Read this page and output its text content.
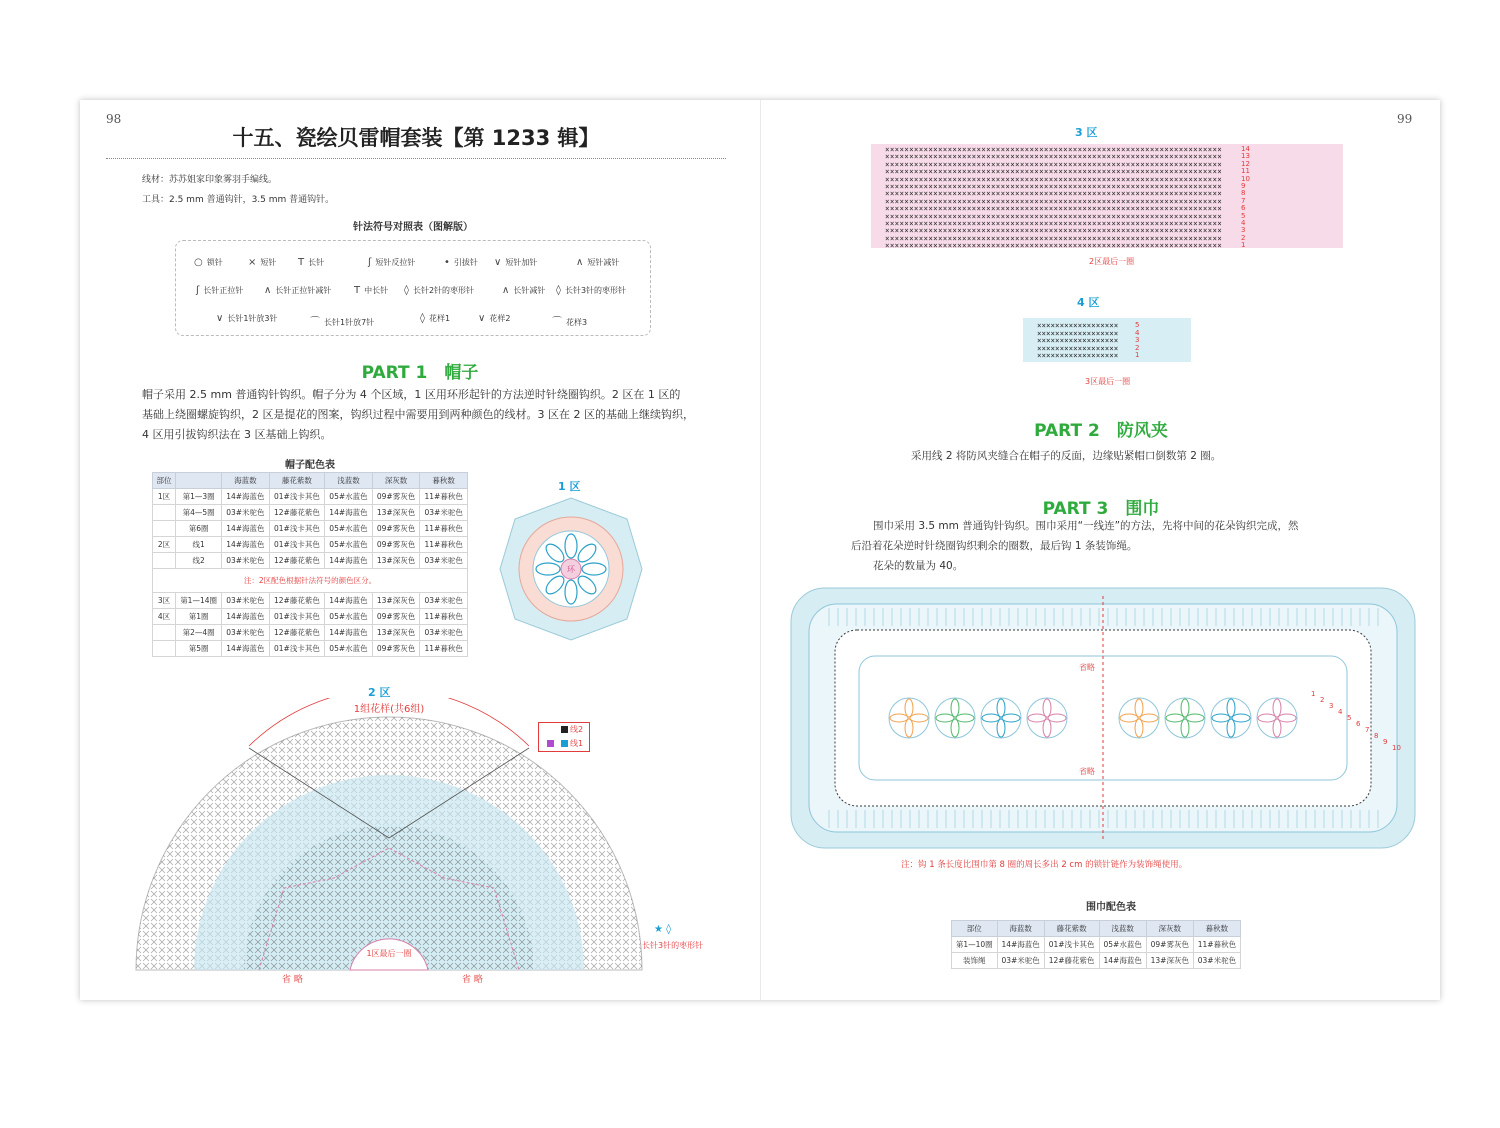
98
十五、瓷绘贝雷帽套装【第 1233 辑】
线材：苏苏姐家印象雾羽手编线。
工具：2.5 mm 普通钩针，3.5 mm 普通钩针。
针法符号对照表（图解版）
○ 锁针	× 短针 T 长针	ʃ 短针反拉针	• 引拔针 ∨ 短针加针	∧ 短针减针
ʃ 长针正拉针 ∧ 长针正拉针减针 T 中长针 ◊ 长针2针的枣形针	∧ 长针减针 ◊ 长针3针的枣形针
∨ 长针1针放3针	⌒ 长针1针放7针	◊ 花样1	∨ 花样2	⌒ 花样3
PART 1　帽子
帽子采用 2.5 mm 普通钩针钩织。帽子分为 4 个区域，1 区用环形起针的方法逆时针绕圈钩织。2 区在 1 区的
基础上绕圈螺旋钩织，2 区是提花的图案，钩织过程中需要用到两种颜色的线材。3 区在 2 区的基础上继续钩织，
4 区用引拔钩织法在 3 区基础上钩织。
帽子配色表
部位		海蓝数	藤花紫数	浅蓝数	深灰数	暮秋数
1区	第1—3圈	14#海蓝色	01#浅卡其色	05#水蓝色	09#雾灰色	11#暮秋色
	第4—5圈	03#米驼色	12#藤花紫色	14#海蓝色	13#深灰色	03#米驼色
	第6圈	14#海蓝色	01#浅卡其色	05#水蓝色	09#雾灰色	11#暮秋色
2区	线1	14#海蓝色	01#浅卡其色	05#水蓝色	09#雾灰色	11#暮秋色
	线2	03#米驼色	12#藤花紫色	14#海蓝色	13#深灰色	03#米驼色
注：2区配色根据针法符号的颜色区分。						
3区	第1—14圈	03#米驼色	12#藤花紫色	14#海蓝色	13#深灰色	03#米驼色
4区	第1圈	14#海蓝色	01#浅卡其色	05#水蓝色	09#雾灰色	11#暮秋色
	第2—4圈	03#米驼色	12#藤花紫色	14#海蓝色	13#深灰色	03#米驼色
	第5圈	14#海蓝色	01#浅卡其色	05#水蓝色	09#雾灰色	11#暮秋色
1 区
环
2 区
1组花样(共6组)
1区最后一圈
省 略	省 略
线2
线1
★ ◊
长针3针的枣形针
99
3 区
××××××××××××××××××××××××××××××××××××××××××××××××××××××××××××××××××××××
××××××××××××××××××××××××××××××××××××××××××××××××××××××××××××××××××××××
××××××××××××××××××××××××××××××××××××××××××××××××××××××××××××××××××××××
××××××××××××××××××××××××××××××××××××××××××××××××××××××××××××××××××××××
××××××××××××××××××××××××××××××××××××××××××××××××××××××××××××××××××××××
××××××××××××××××××××××××××××××××××××××××××××××××××××××××××××××××××××××
××××××××××××××××××××××××××××××××××××××××××××××××××××××××××××××××××××××
××××××××××××××××××××××××××××××××××××××××××××××××××××××××××××××××××××××
××××××××××××××××××××××××××××××××××××××××××××××××××××××××××××××××××××××
××××××××××××××××××××××××××××××××××××××××××××××××××××××××××××××××××××××
××××××××××××××××××××××××××××××××××××××××××××××××××××××××××××××××××××××
××××××××××××××××××××××××××××××××××××××××××××××××××××××××××××××××××××××
××××××××××××××××××××××××××××××××××××××××××××××××××××××××××××××××××××××
××××××××××××××××××××××××××××××××××××××××××××××××××××××××××××××××××××××

14
13
12
11
10
9
8
7
6
5
4
3
2
1
2区最后一圈
4 区
××××××××××××××××××
××××××××××××××××××
××××××××××××××××××
××××××××××××××××××
××××××××××××××××××

5
4
3
2
1
3区最后一圈
PART 2　防风夹
采用线 2 将防风夹缝合在帽子的反面，边缘贴紧帽口倒数第 2 圈。
PART 3　围巾
围巾采用 3.5 mm 普通钩针钩织。围巾采用“一线连”的方法，先将中间的花朵钩织完成，然
后沿着花朵逆时针绕圈钩织剩余的圈数，最后钩 1 条装饰绳。
花朵的数量为 40。
省略
省略
1
2
3
4
5
6
7
8
9
10
注：钩 1 条长度比围巾第 8 圈的周长多出 2 cm 的锁针链作为装饰绳使用。
围巾配色表
部位	海蓝数	藤花紫数	浅蓝数	深灰数	暮秋数
第1—10圈	14#海蓝色	01#浅卡其色	05#水蓝色	09#雾灰色	11#暮秋色
装饰绳	03#米驼色	12#藤花紫色	14#海蓝色	13#深灰色	03#米驼色
